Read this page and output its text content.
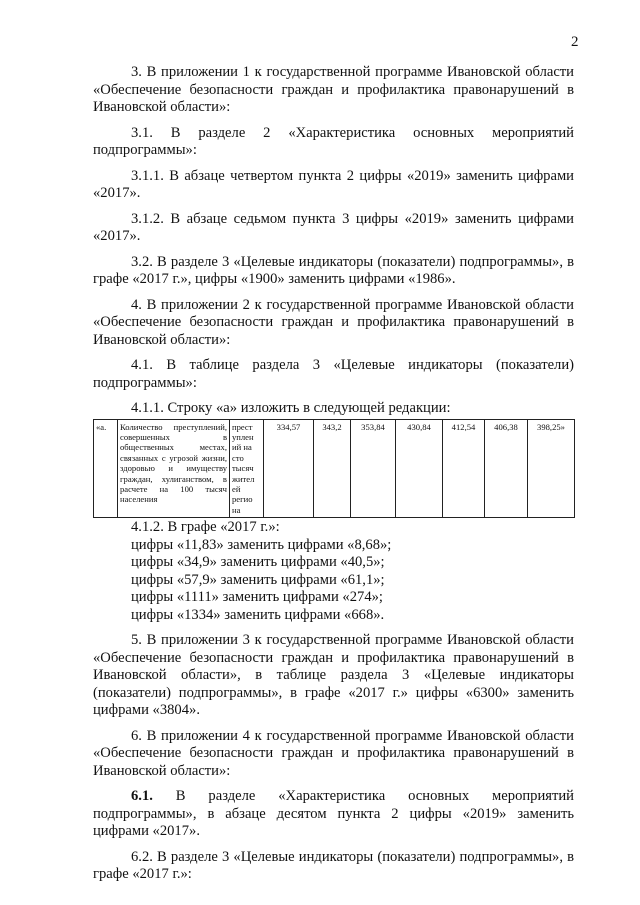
2

3. В приложении 1 к государственной программе Ивановской области «Обеспечение безопасности граждан и профилактика правонарушений в Ивановской области»:

3.1. В разделе 2 «Характеристика основных мероприятий подпрограммы»:

3.1.1. В абзаце четвертом пункта 2 цифры «2019» заменить цифрами «2017».

3.1.2. В абзаце седьмом пункта 3 цифры «2019» заменить цифрами «2017».

3.2. В разделе 3 «Целевые индикаторы (показатели) подпрограммы», в графе «2017 г.», цифры «1900» заменить цифрами «1986».

4. В приложении 2 к государственной программе Ивановской области «Обеспечение безопасности граждан и профилактика правонарушений в Ивановской области»:

4.1. В таблице раздела 3 «Целевые индикаторы (показатели) подпрограммы»:

4.1.1. Строку «а» изложить в следующей редакции:

«а.	Количество преступлений, совершенных в общественных местах, связанных с угрозой жизни, здоровью и имуществу граждан, хулиганством, в расчете на 100 тысяч населения	прест уплен ий на сто тысяч жител ей регио на	334,57	343,2	353,84	430,84	412,54	406,38	398,25»

4.1.2. В графе «2017 г.»:

цифры «11,83» заменить цифрами «8,68»;

цифры «34,9» заменить цифрами «40,5»;

цифры «57,9» заменить цифрами «61,1»;

цифры «1111» заменить цифрами «274»;

цифры «1334» заменить цифрами «668».

5. В приложении 3 к государственной программе Ивановской области «Обеспечение безопасности граждан и профилактика правонарушений в Ивановской области», в таблице раздела 3 «Целевые индикаторы (показатели) подпрограммы», в графе «2017 г.» цифры «6300» заменить цифрами «3804».

6. В приложении 4 к государственной программе Ивановской области «Обеспечение безопасности граждан и профилактика правонарушений в Ивановской области»:

6.1. В разделе «Характеристика основных мероприятий подпрограммы», в абзаце десятом пункта 2 цифры «2019» заменить цифрами «2017».

6.2. В разделе 3 «Целевые индикаторы (показатели) подпрограммы», в графе «2017 г.»:
